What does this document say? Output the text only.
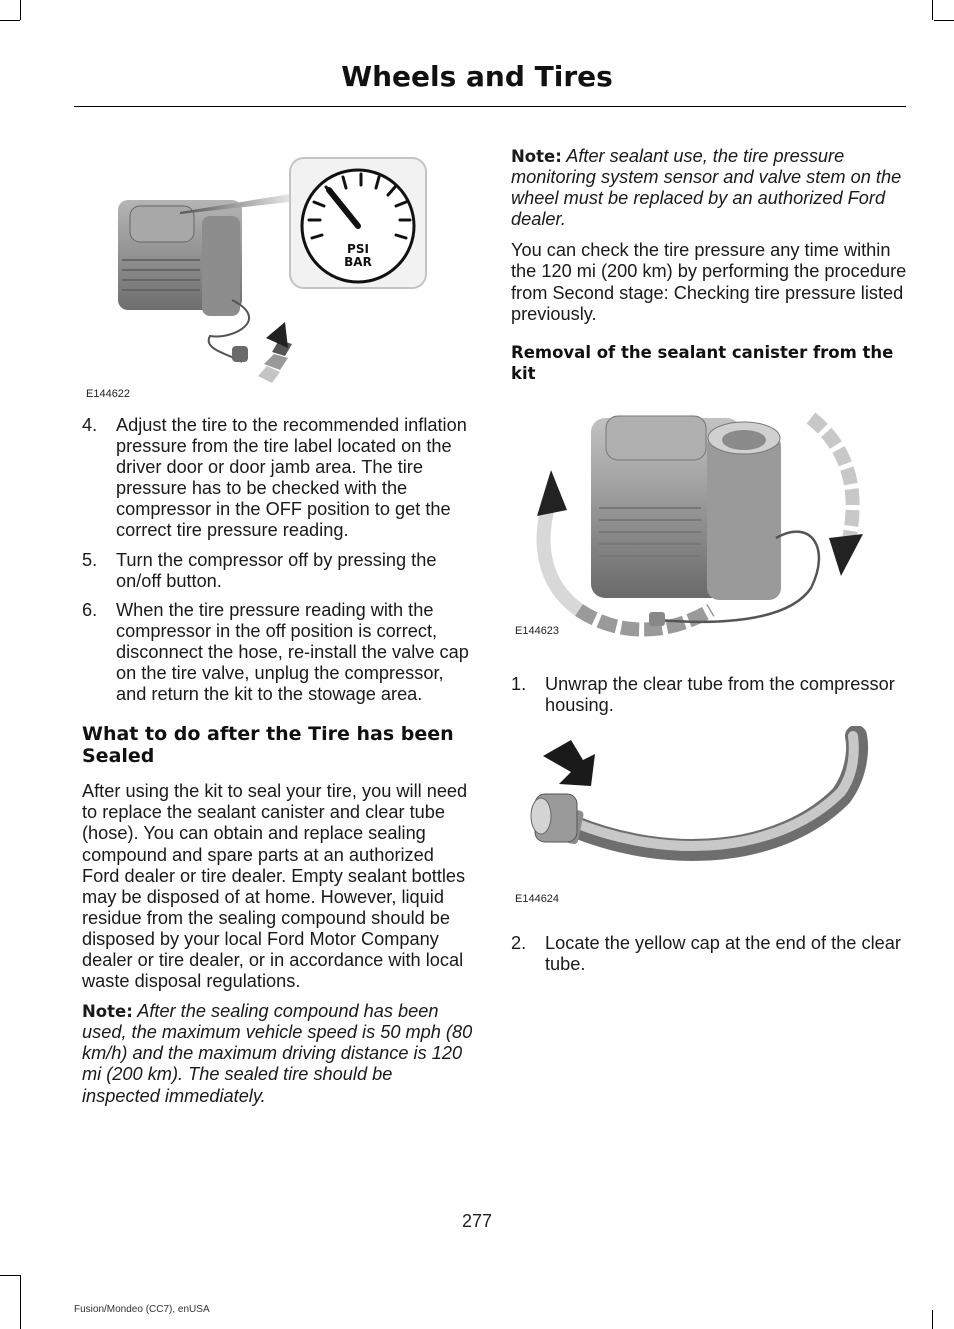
Wheels and Tires
PSI
BAR
E144622
4.	Adjust the tire to the recommended inflation pressure from the tire label located on the driver door or door jamb area. The tire pressure has to be checked with the compressor in the OFF position to get the correct tire pressure reading.
5.	Turn the compressor off by pressing the on/off button.
6.	When the tire pressure reading with the compressor in the off position is correct, disconnect the hose, re-install the valve cap on the tire valve, unplug the compressor, and return the kit to the stowage area.
What to do after the Tire has been Sealed

After using the kit to seal your tire, you will need to replace the sealant canister and clear tube (hose). You can obtain and replace sealing compound and spare parts at an authorized Ford dealer or tire dealer. Empty sealant bottles may be disposed of at home. However, liquid residue from the sealing compound should be disposed by your local Ford Motor Company dealer or tire dealer, or in accordance with local waste disposal regulations.

Note: After the sealing compound has been used, the maximum vehicle speed is 50 mph (80 km/h) and the maximum driving distance is 120 mi (200 km). The sealed tire should be inspected immediately.

Note: After sealant use, the tire pressure monitoring system sensor and valve stem on the wheel must be replaced by an authorized Ford dealer.

You can check the tire pressure any time within the 120 mi (200 km) by performing the procedure from Second stage: Checking tire pressure listed previously.

Removal of the sealant canister from the kit
E144623
1.	Unwrap the clear tube from the compressor housing.
E144624
2.	Locate the yellow cap at the end of the clear tube.
277
Fusion/Mondeo (CC7), enUSA
